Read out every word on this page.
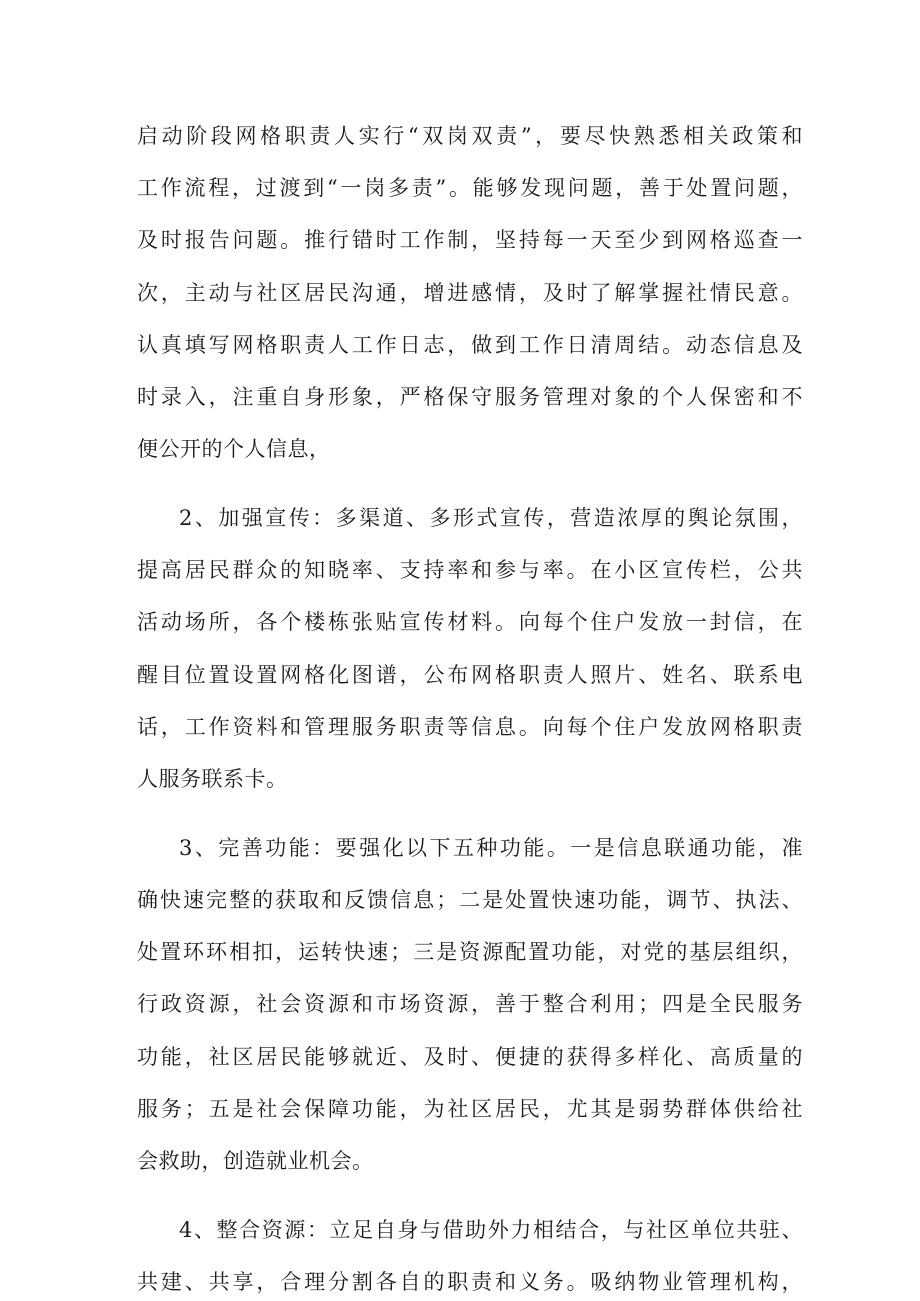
启动阶段网格职责人实行“双岗双责”，要尽快熟悉相关政策和
工作流程，过渡到“一岗多责”。能够发现问题，善于处置问题，
及时报告问题。推行错时工作制，坚持每一天至少到网格巡查一
次，主动与社区居民沟通，增进感情，及时了解掌握社情民意。
认真填写网格职责人工作日志，做到工作日清周结。动态信息及
时录入，注重自身形象，严格保守服务管理对象的个人保密和不
便公开的个人信息，
2、加强宣传：多渠道、多形式宣传，营造浓厚的舆论氛围，
提高居民群众的知晓率、支持率和参与率。在小区宣传栏，公共
活动场所，各个楼栋张贴宣传材料。向每个住户发放一封信，在
醒目位置设置网格化图谱，公布网格职责人照片、姓名、联系电
话，工作资料和管理服务职责等信息。向每个住户发放网格职责
人服务联系卡。
3、完善功能：要强化以下五种功能。一是信息联通功能，准
确快速完整的获取和反馈信息；二是处置快速功能，调节、执法、
处置环环相扣，运转快速；三是资源配置功能，对党的基层组织，
行政资源，社会资源和市场资源，善于整合利用；四是全民服务
功能，社区居民能够就近、及时、便捷的获得多样化、高质量的
服务；五是社会保障功能，为社区居民，尤其是弱势群体供给社
会救助，创造就业机会。
4、整合资源：立足自身与借助外力相结合，与社区单位共驻、
共建、共享，合理分割各自的职责和义务。吸纳物业管理机构，
